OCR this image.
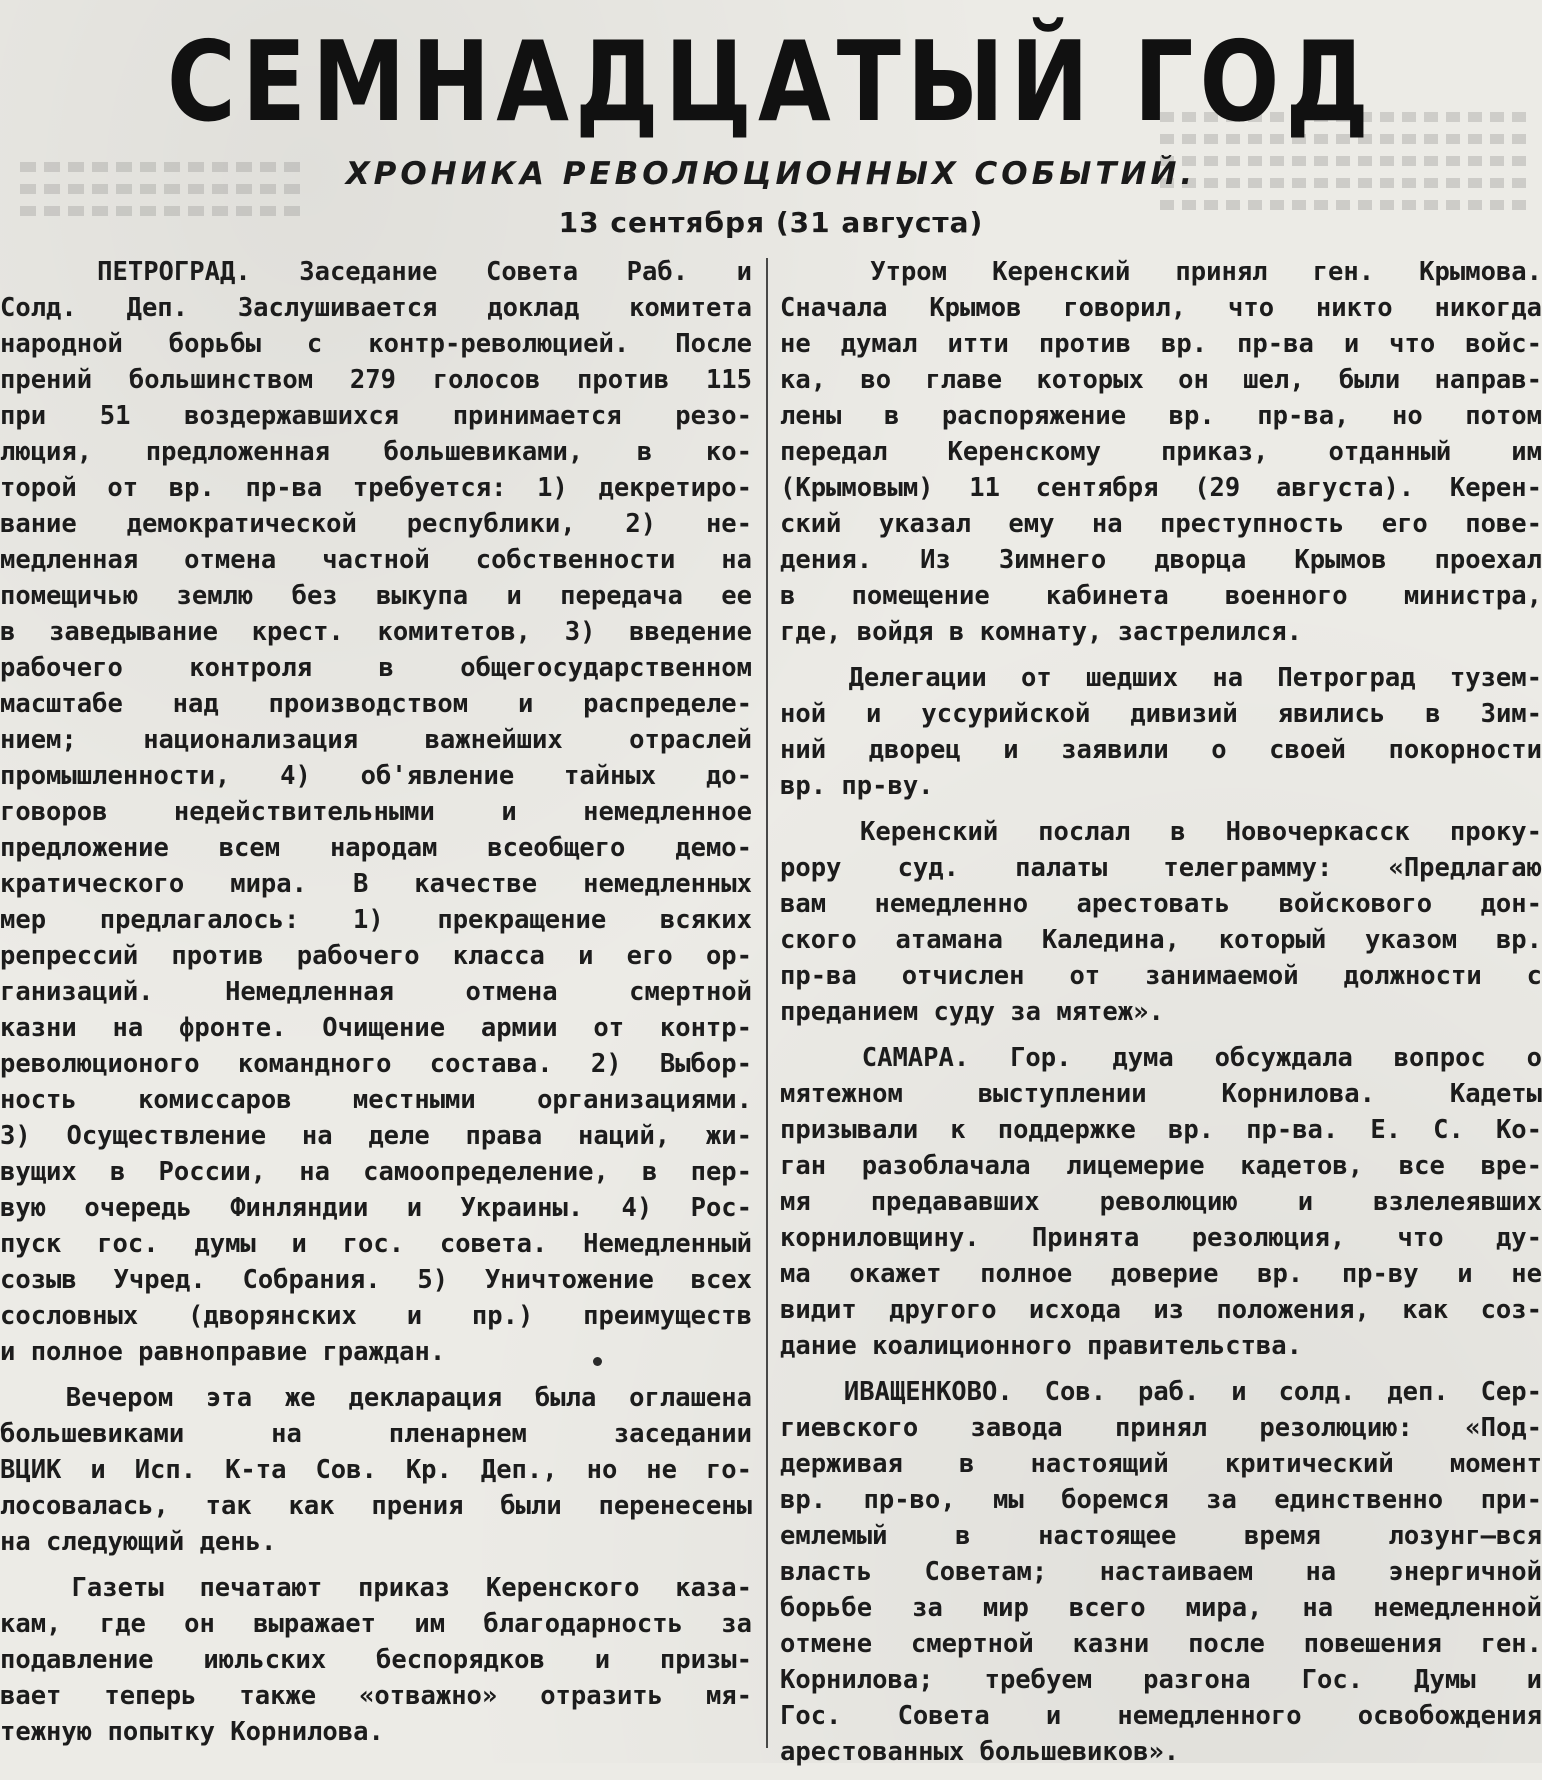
СЕМНАДЦАТЫЙ ГОД
ХРОНИКА РЕВОЛЮЦИОННЫХ СОБЫТИЙ.
13 сентября (31 августа)
ПЕТРОГРАД. Заседание Совета Раб. и
Солд. Деп. Заслушивается доклад комитета
народной борьбы с контр-революцией. После
прений большинством 279 голосов против 115
при 51 воздержавшихся принимается резо-
люция, предложенная большевиками, в ко-
торой от вр. пр-ва требуется: 1) декретиро-
вание демократической республики, 2) не-
медленная отмена частной собственности на
помещичью землю без выкупа и передача ее
в заведывание крест. комитетов, 3) введение
рабочего контроля в общегосударственном
масштабе над производством и распределе-
нием; национализация важнейших отраслей
промышленности, 4) об'явление тайных до-
говоров недействительными и немедленное
предложение всем народам всеобщего демо-
кратического мира. В качестве немедленных
мер предлагалось: 1) прекращение всяких
репрессий против рабочего класса и его ор-
ганизаций. Немедленная отмена смертной
казни на фронте. Очищение армии от контр-
революционого командного состава. 2) Выбор-
ность комиссаров местными организациями.
3) Осуществление на деле права наций, жи-
вущих в России, на самоопределение, в пер-
вую очередь Финляндии и Украины. 4) Рос-
пуск гос. думы и гос. совета. Немедленный
созыв Учред. Собрания. 5) Уничтожение всех
сословных (дворянских и пр.) преимуществ
и полное равноправие граждан.
Вечером эта же декларация была оглашена
большевиками на пленарнем заседании
ВЦИК и Исп. К-та Сов. Кр. Деп., но не го-
лосовалась, так как прения были перенесены
на следующий день.
Газеты печатают приказ Керенского каза-
кам, где он выражает им благодарность за
подавление июльских беспорядков и призы-
вает теперь также «отважно» отразить мя-
тежную попытку Корнилова.
Утром Керенский принял ген. Крымова.
Сначала Крымов говорил, что никто никогда
не думал итти против вр. пр-ва и что войс-
ка, во главе которых он шел, были направ-
лены в распоряжение вр. пр-ва, но потом
передал Керенскому приказ, отданный им
(Крымовым) 11 сентября (29 августа). Керен-
ский указал ему на преступность его пове-
дения. Из Зимнего дворца Крымов проехал
в помещение кабинета военного министра,
где, войдя в комнату, застрелился.
Делегации от шедших на Петроград тузем-
ной и уссурийской дивизий явились в Зим-
ний дворец и заявили о своей покорности
вр. пр-ву.
Керенский послал в Новочеркасск проку-
рору суд. палаты телеграмму: «Предлагаю
вам немедленно арестовать войскового дон-
ского атамана Каледина, который указом вр.
пр-ва отчислен от занимаемой должности с
преданием суду за мятеж».
САМАРА. Гор. дума обсуждала вопрос о
мятежном выступлении Корнилова. Кадеты
призывали к поддержке вр. пр-ва. Е. С. Ко-
ган разоблачала лицемерие кадетов, все вре-
мя предававших революцию и взлелеявших
корниловщину. Принята резолюция, что ду-
ма окажет полное доверие вр. пр-ву и не
видит другого исхода из положения, как соз-
дание коалиционного правительства.
ИВАЩЕНКОВО. Сов. раб. и солд. деп. Сер-
гиевского завода принял резолюцию: «Под-
держивая в настоящий критический момент
вр. пр-во, мы боремся за единственно при-
емлемый в настоящее время лозунг—вся
власть Советам; настаиваем на энергичной
борьбе за мир всего мира, на немедленной
отмене смертной казни после повешения ген.
Корнилова; требуем разгона Гос. Думы и
Гос. Совета и немедленного освобождения
арестованных большевиков».
